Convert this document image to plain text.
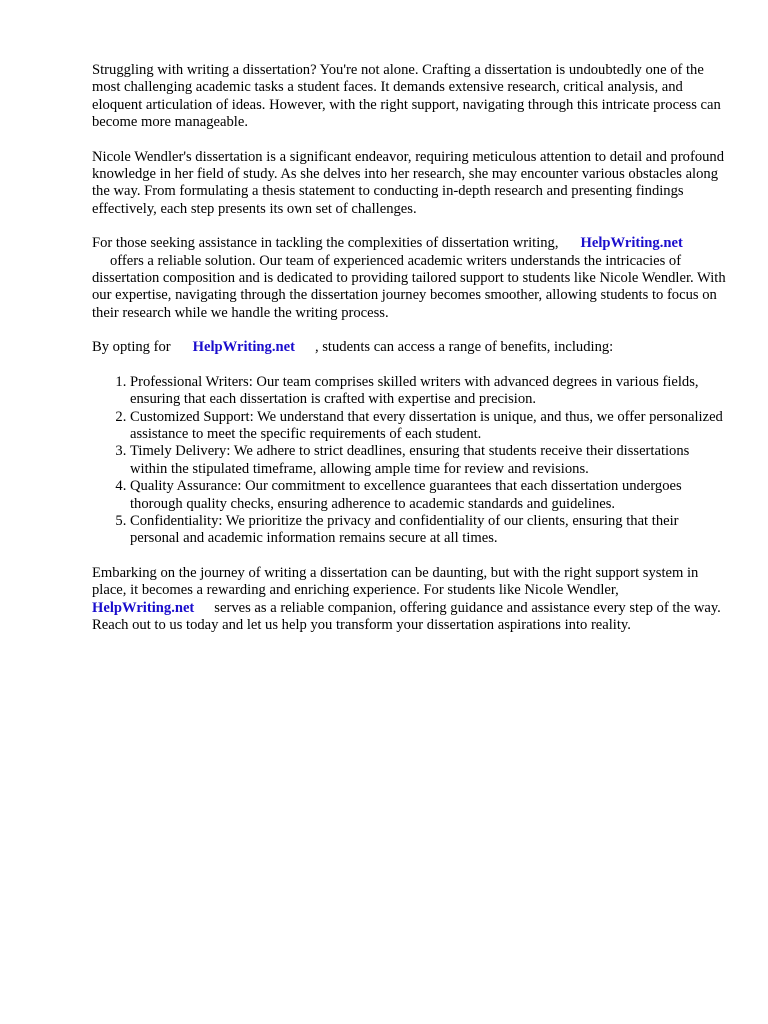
Struggling with writing a dissertation? You're not alone. Crafting a dissertation is undoubtedly one of the most challenging academic tasks a student faces. It demands extensive research, critical analysis, and eloquent articulation of ideas. However, with the right support, navigating through this intricate process can become more manageable.

Nicole Wendler's dissertation is a significant endeavor, requiring meticulous attention to detail and profound knowledge in her field of study. As she delves into her research, she may encounter various obstacles along the way. From formulating a thesis statement to conducting in-depth research and presenting findings effectively, each step presents its own set of challenges.

For those seeking assistance in tackling the complexities of dissertation writing, HelpWriting.net
offers a reliable solution. Our team of experienced academic writers understands the intricacies of dissertation composition and is dedicated to providing tailored support to students like Nicole Wendler. With our expertise, navigating through the dissertation journey becomes smoother, allowing students to focus on their research while we handle the writing process.

By opting for HelpWriting.net , students can access a range of benefits, including:

1. Professional Writers: Our team comprises skilled writers with advanced degrees in various fields, ensuring that each dissertation is crafted with expertise and precision.
2. Customized Support: We understand that every dissertation is unique, and thus, we offer personalized assistance to meet the specific requirements of each student.
3. Timely Delivery: We adhere to strict deadlines, ensuring that students receive their dissertations within the stipulated timeframe, allowing ample time for review and revisions.
4. Quality Assurance: Our commitment to excellence guarantees that each dissertation undergoes thorough quality checks, ensuring adherence to academic standards and guidelines.
5. Confidentiality: We prioritize the privacy and confidentiality of our clients, ensuring that their personal and academic information remains secure at all times.

Embarking on the journey of writing a dissertation can be daunting, but with the right support system in place, it becomes a rewarding and enriching experience. For students like Nicole Wendler,
HelpWriting.net serves as a reliable companion, offering guidance and assistance every step of the way. Reach out to us today and let us help you transform your dissertation aspirations into reality.
